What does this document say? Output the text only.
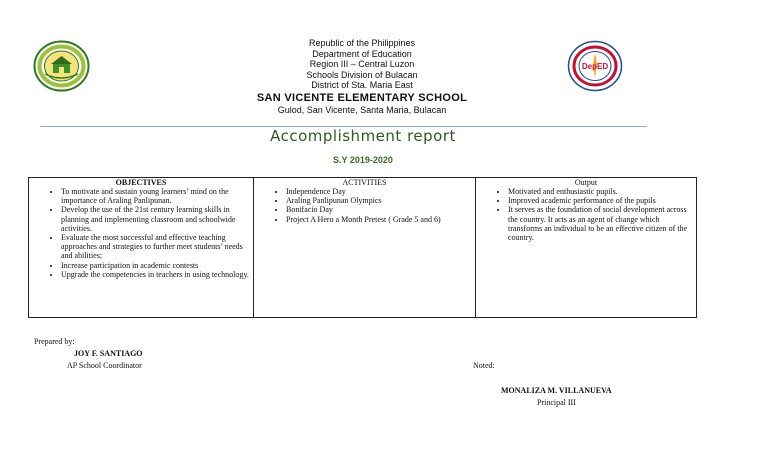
Republic of the Philippines
Department of Education
Region III – Central Luzon
Schools Division of Bulacan
District of Sta. Maria East
SAN VICENTE ELEMENTARY SCHOOL
Gulod, San Vicente, Santa Maria, Bulacan
DepED
Accomplishment report
S.Y 2019-2020
OBJECTIVES
• To motivate and sustain young learners’ mind on the importance of Araling Panlipunan.
• Develop the use of the 21st century learning skills in planning and implementing classroom and schoolwide activities.
• Evaluate the most successful and effective teaching approaches and strategies to further meet students’ needs and abilities;
• Increase participation in academic contests
• Upgrade the competencies in teachers in using technology.
ACTIVITIES
• Independence Day
• Araling Panlipunan Olympics
• Bonifacio Day
• Project A Hero a Month Pretest ( Grade 5 and 6)
Output
• Motivated and enthusiastic pupils.
• Improved academic performance of the pupils
• It serves as the foundation of social development across the country. It acts as an agent of change which transforms an individual to be an effective citizen of the country.
Prepared by:
JOY F. SANTIAGO
AP School Coordinator	Noted:
MONALIZA M. VILLANUEVA
Principal III
